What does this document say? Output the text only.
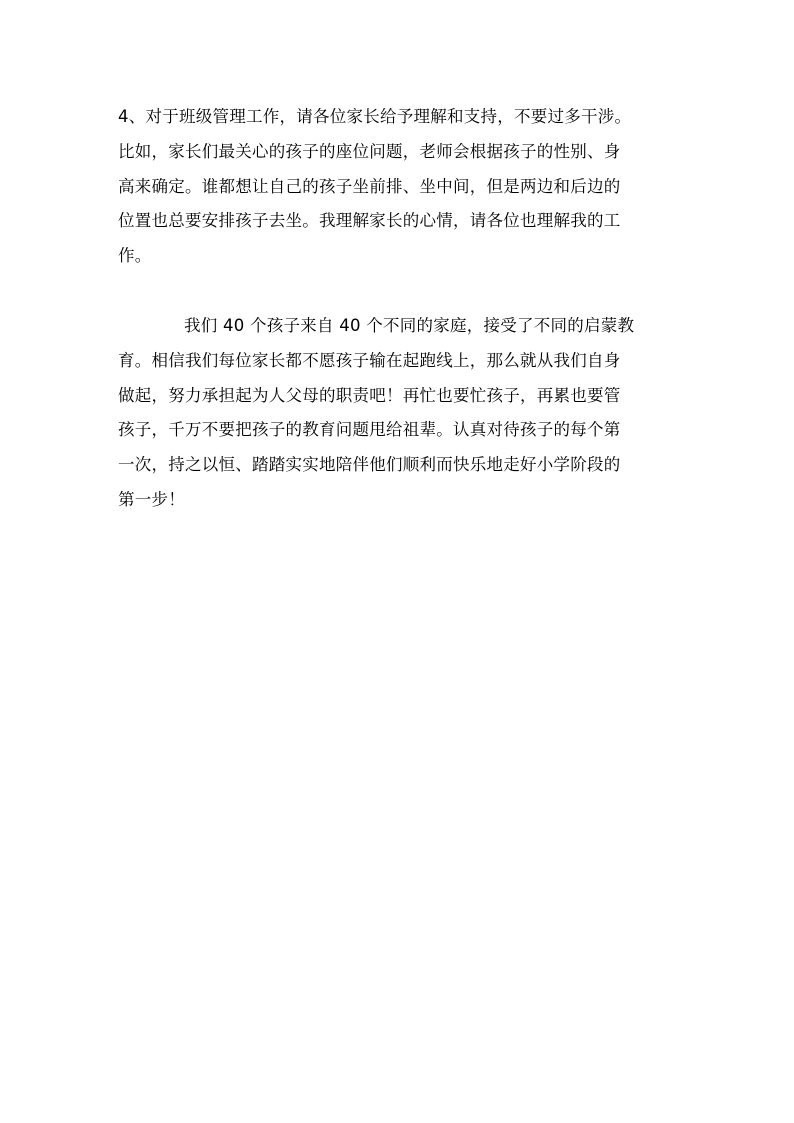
4、对于班级管理工作，请各位家长给予理解和支持，不要过多干涉。
比如，家长们最关心的孩子的座位问题，老师会根据孩子的性别、身
高来确定。谁都想让自己的孩子坐前排、坐中间，但是两边和后边的
位置也总要安排孩子去坐。我理解家长的心情，请各位也理解我的工
作。

我们 40 个孩子来自 40 个不同的家庭，接受了不同的启蒙教
育。相信我们每位家长都不愿孩子输在起跑线上，那么就从我们自身
做起，努力承担起为人父母的职责吧！再忙也要忙孩子，再累也要管
孩子，千万不要把孩子的教育问题甩给祖辈。认真对待孩子的每个第
一次，持之以恒、踏踏实实地陪伴他们顺利而快乐地走好小学阶段的
第一步！
